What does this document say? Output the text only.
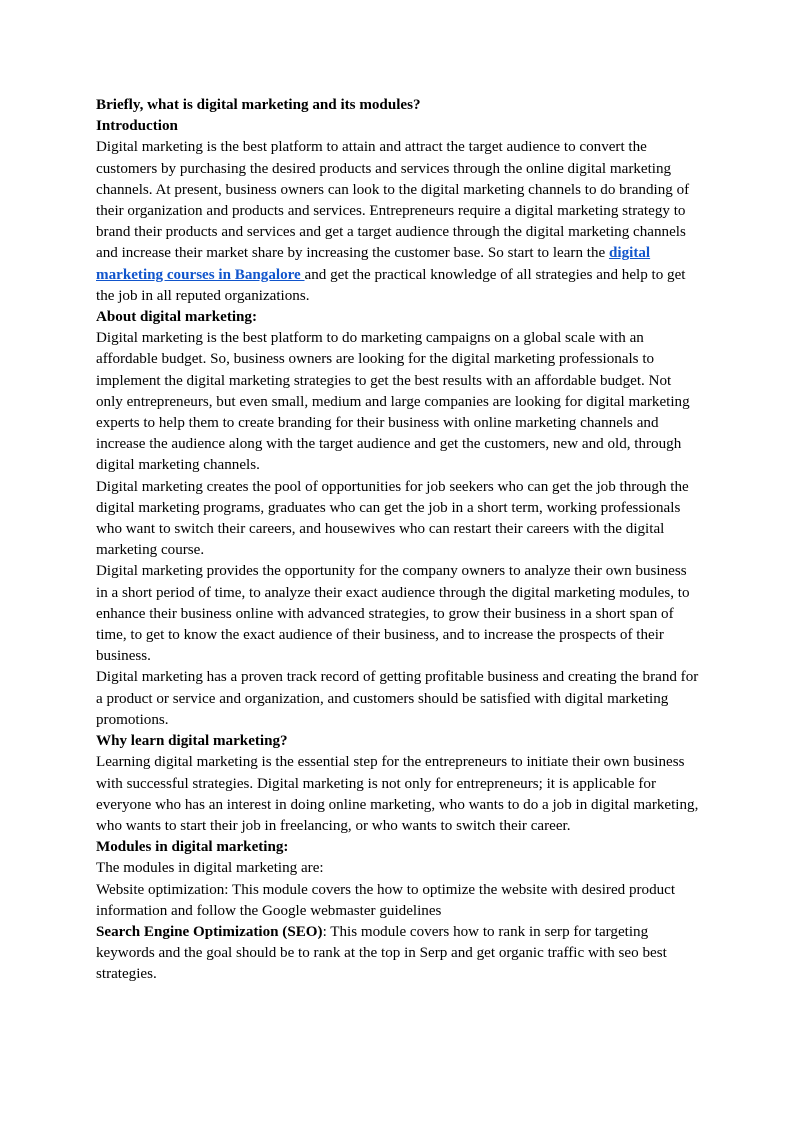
Briefly, what is digital marketing and its modules?
Introduction

Digital marketing is the best platform to attain and attract the target audience to convert the customers by purchasing the desired products and services through the online digital marketing channels. At present, business owners can look to the digital marketing channels to do branding of their organization and products and services. Entrepreneurs require a digital marketing strategy to brand their products and services and get a target audience through the digital marketing channels and increase their market share by increasing the customer base. So start to learn the digital marketing courses in Bangalore and get the practical knowledge of all strategies and help to get the job in all reputed organizations.

About digital marketing:

Digital marketing is the best platform to do marketing campaigns on a global scale with an affordable budget. So, business owners are looking for the digital marketing professionals to implement the digital marketing strategies to get the best results with an affordable budget. Not only entrepreneurs, but even small, medium and large companies are looking for digital marketing experts to help them to create branding for their business with online marketing channels and increase the audience along with the target audience and get the customers, new and old, through digital marketing channels.

Digital marketing creates the pool of opportunities for job seekers who can get the job through the digital marketing programs, graduates who can get the job in a short term, working professionals who want to switch their careers, and housewives who can restart their careers with the digital marketing course.

Digital marketing provides the opportunity for the company owners to analyze their own business in a short period of time, to analyze their exact audience through the digital marketing modules, to enhance their business online with advanced strategies, to grow their business in a short span of time, to get to know the exact audience of their business, and to increase the prospects of their business.

Digital marketing has a proven track record of getting profitable business and creating the brand for a product or service and organization, and customers should be satisfied with digital marketing promotions.

Why learn digital marketing?

Learning digital marketing is the essential step for the entrepreneurs to initiate their own business with successful strategies. Digital marketing is not only for entrepreneurs; it is applicable for everyone who has an interest in doing online marketing, who wants to do a job in digital marketing, who wants to start their job in freelancing, or who wants to switch their career.

Modules in digital marketing:

The modules in digital marketing are:

Website optimization: This module covers the how to optimize the website with desired product information and follow the Google webmaster guidelines

Search Engine Optimization (SEO): This module covers how to rank in serp for targeting keywords and the goal should be to rank at the top in Serp and get organic traffic with seo best strategies.
